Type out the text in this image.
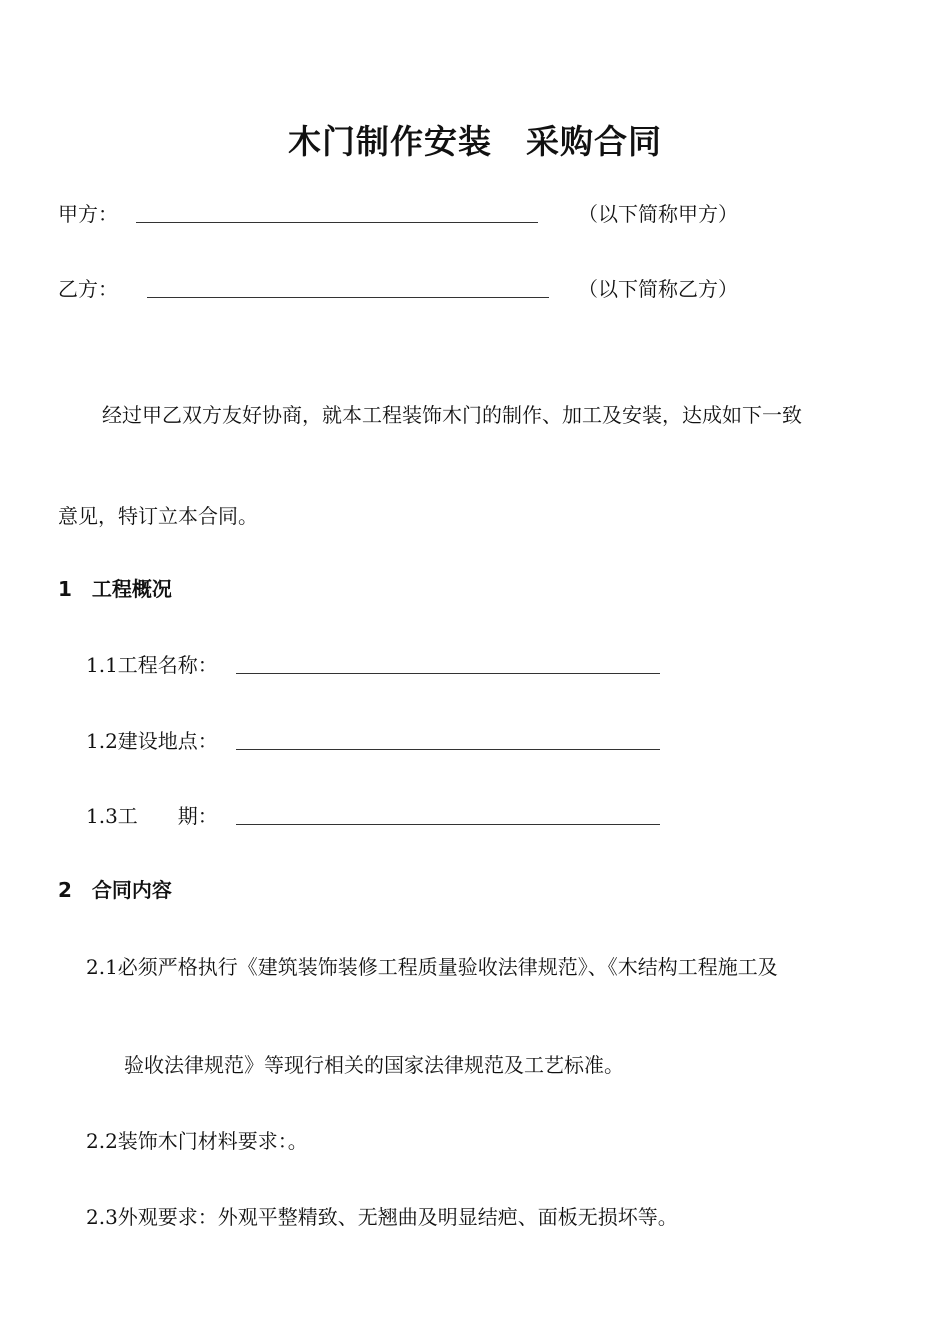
木门制作安装　采购合同
甲方：	（以下简称甲方）
乙方：	（以下简称乙方）
经过甲乙双方友好协商，就本工程装饰木门的制作、加工及安装，达成如下一致
意见，特订立本合同。
1　工程概况
1.1工程名称：
1.2建设地点：
1.3工　　期：
2　合同内容
2.1必须严格执行《建筑装饰装修工程质量验收法律规范》、《木结构工程施工及
验收法律规范》等现行相关的国家法律规范及工艺标准。
2.2装饰木门材料要求：。
2.3外观要求：外观平整精致、无翘曲及明显结疤、面板无损坏等。
